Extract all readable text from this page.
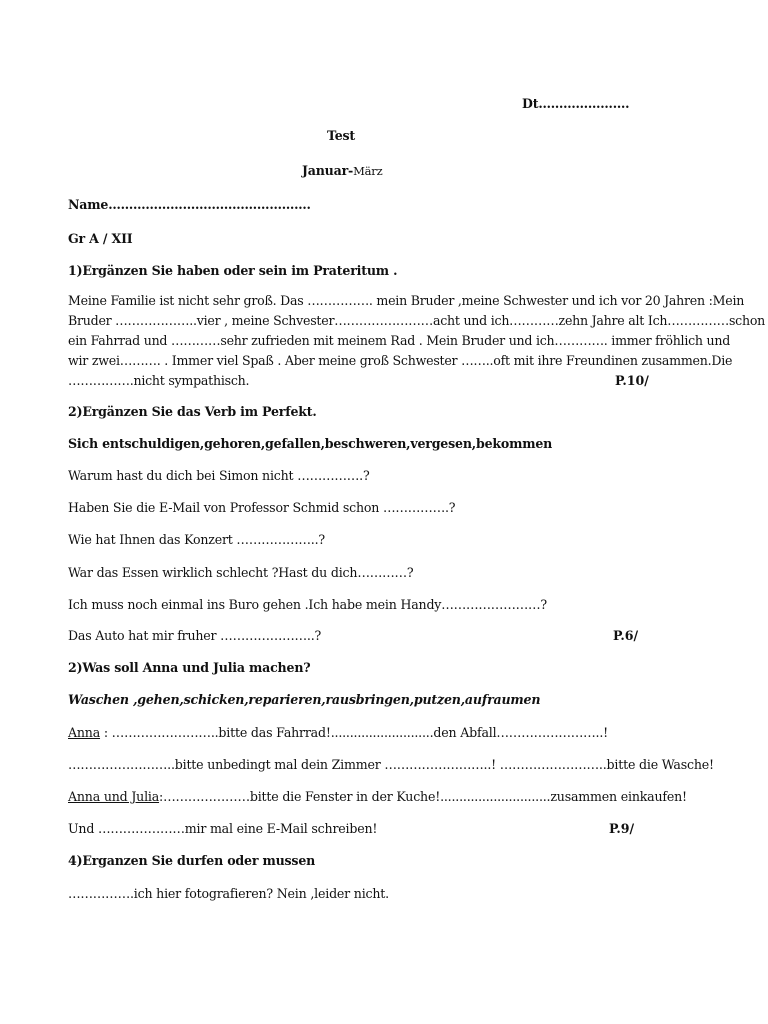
Dt………………….
Test
Januar-März
Name………………………………………….
Gr A / XII
1)Ergänzen Sie haben oder sein im Prateritum .
Meine Familie ist nicht sehr groß. Das ……………. mein Bruder ,meine Schwester und ich vor 20 Jahren :Mein
Bruder ………………..vier , meine Schvester……………………acht und ich…………zehn Jahre alt Ich……………schon
ein Fahrrad und …………sehr zufrieden mit meinem Rad . Mein Bruder und ich…………. immer fröhlich und
wir zwei………. . Immer viel Spaß . Aber meine groß Schwester ……..oft mit ihre Freundinen zusammen.Die
…………….nicht sympathisch.	P.10/
2)Ergänzen Sie das Verb im Perfekt.
Sich entschuldigen,gehoren,gefallen,beschweren,vergesen,bekommen
Warum hast du dich bei Simon nicht …………….?
Haben Sie die E-Mail von Professor Schmid schon …………….?
Wie hat Ihnen das Konzert ………………..?
War das Essen wirklich schlecht ?Hast du dich…………?
Ich muss noch einmal ins Buro gehen .Ich habe mein Handy……………………?
Das Auto hat mir fruher …………………..?	P.6/
2)Was soll Anna und Julia machen?
Waschen ,gehen,schicken,reparieren,rausbringen,putzen,aufraumen
Anna : ……………………..bitte das Fahrrad!...........................den Abfall……………………..!
……………………..bitte unbedingt mal dein Zimmer ……………………..! ……………………..bitte die Wasche!
Anna und Julia:…………………bitte die Fenster in der Kuche!.............................zusammen einkaufen!
Und …………………mir mal eine E-Mail schreiben!	P.9/
4)Erganzen Sie durfen oder mussen
…………….ich hier fotografieren? Nein ,leider nicht.
